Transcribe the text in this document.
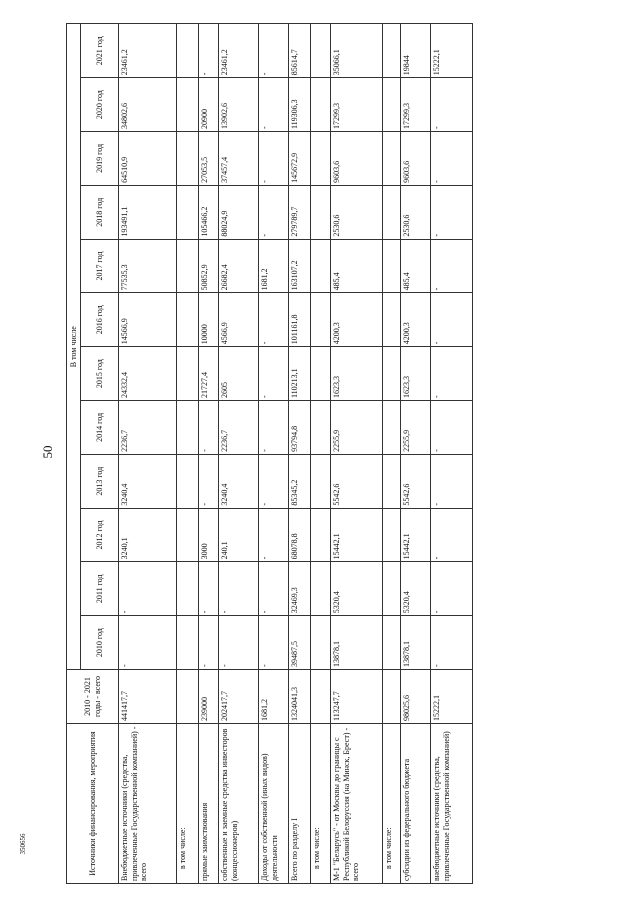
50
350656	Источники финансирования, мероприятия	2010 - 2021 годы - всего	В том числе											
		2010 год	2011 год	2012 год	2013 год	2014 год	2015 год	2016 год	2017 год	2018 год	2019 год	2020 год	2021 год
Внебюджетные источники (средства, привлеченные Государственной компанией) - всего	441417,7	-	-	3240,1	3240,4	2236,7	24332,4	14566,9	77535,3	193491,1	64510,9	34802,6	23461,2
в том числе:													
прямые заимствования	239000	-	-	3000	-	-	21727,4	10000	50852,9	105466,2	27053,5	20900	-
собственные и заемные средства инвесторов (концессионеров)	202417,7	-	-	240,1	3240,4	2236,7	2605	4566,9	26682,4	88024,9	37457,4	13902,6	23461,2
Доходы от собственной (иных видов) деятельности	1681,2	-	-	-	-	-	-	-	1681,2	-	-	-	-
Всего по разделу I	1324041,3	39487,5	32469,3	68078,8	85345,2	93794,8	110213,1	101161,8	163107,2	279789,7	145672,9	119306,3	85614,7
в том числе:													
М-1 "Беларусь" - от Москвы до границы с Республикой Белоруссия (на Минск, Брест) - всего	113247,7	13878,1	5320,4	15442,1	5542,6	2255,9	1623,3	4200,3	485,4	2530,6	9603,6	17299,3	35066,1
в том числе:													
субсидии из федерального бюджета	98025,6	13878,1	5320,4	15442,1	5542,6	2255,9	1623,3	4200,3	485,4	2530,6	9603,6	17299,3	19844
внебюджетные источники (средства, привлеченные Государственной компанией)	15222,1	-	-	-	-	-	-	-	-	-	-	-	15222,1
